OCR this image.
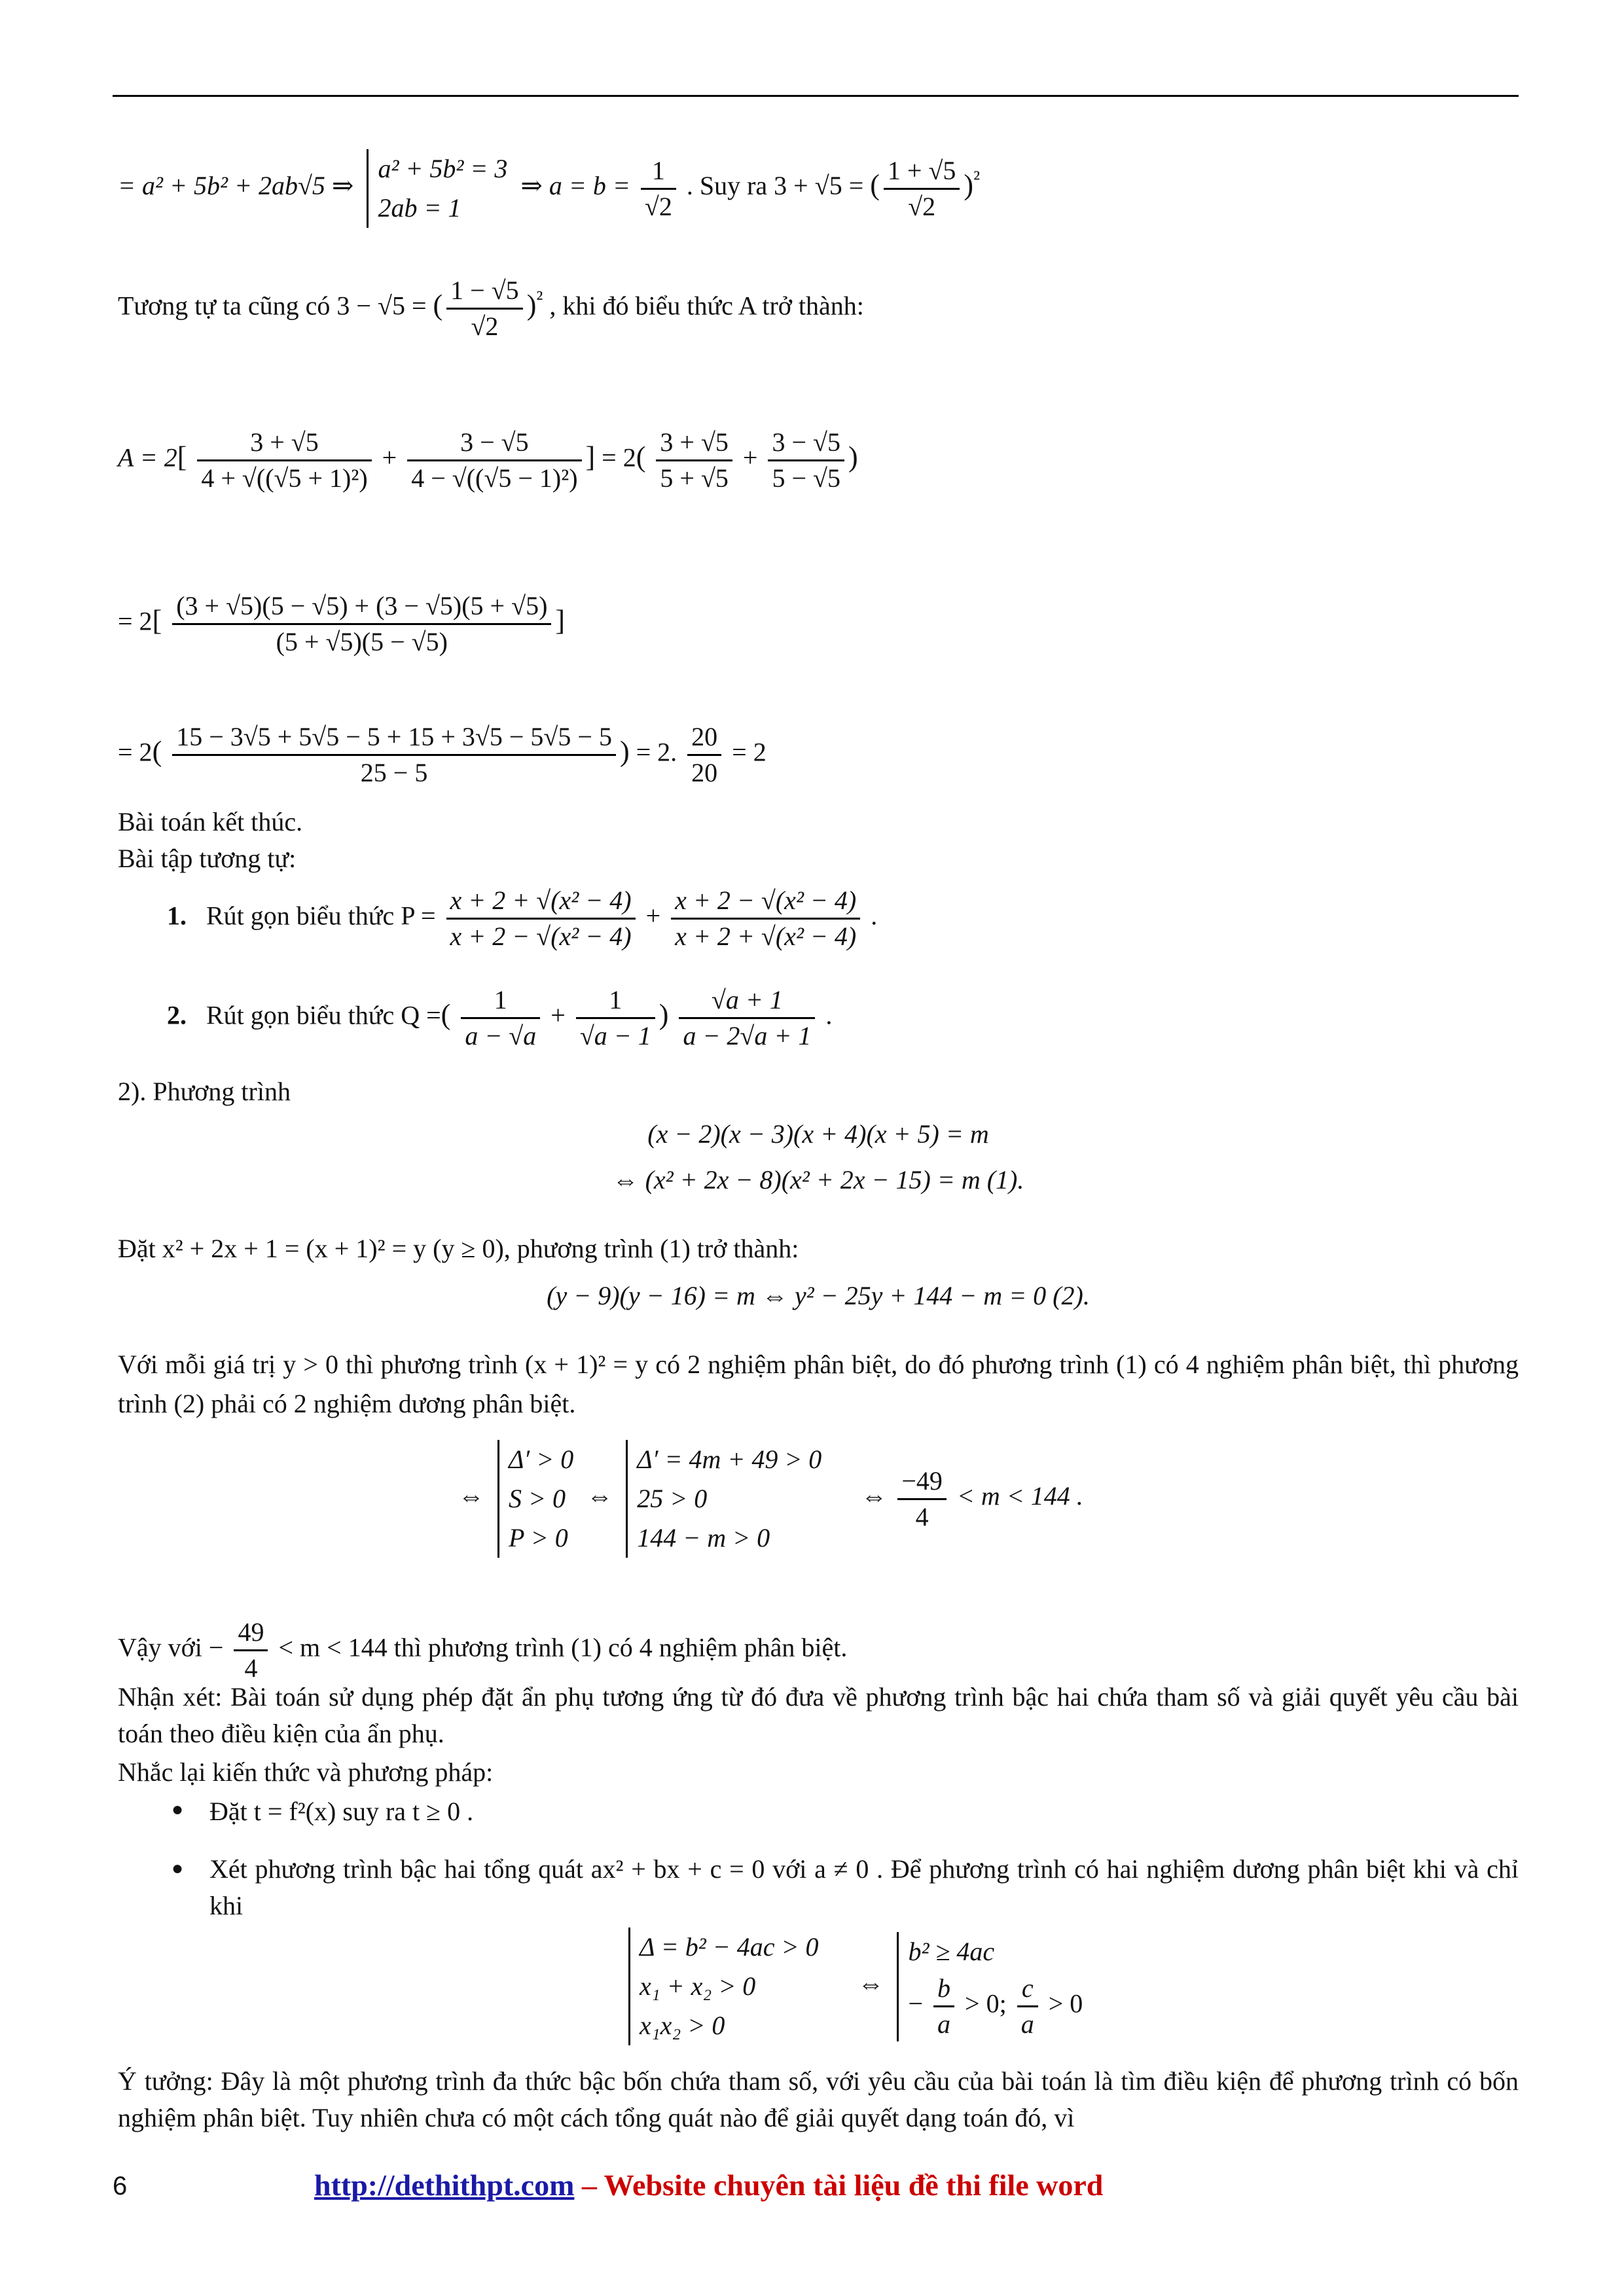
= a² + 5b² + 2ab√5 ⇒
a² + 5b² = 3
2ab = 1
⇒ $a = b = \frac{1}{√2}$ . Suy ra 3 + √5 = ( $\frac{1 + √5}{√2} )^{^2}$
Tương tự ta cũng có 3 − √5 = ( $\frac{1 - √5}{√2} )^{^2}$ , khi đó biểu thức A trở thành:
$A = 2[ \frac{3 + √5}{\text{4 + √((√5 + 1)²)}} + \frac{3 - √5}{\text{4 − √((√5 − 1)²)}}$ ] = $2( \frac{3 + √5}{5 + √5} + \frac{3 - √5}{5 - √5}$ )
= $2[ \frac{(3 + √5)(5 - √5) + (3 - √5)(5 + √5)}{(5 + √5)(5 - √5)}$ ]
= $2( \frac{15 - 3√5 + 5√5 - 5 + 15 + 3√5 - 5√5 - 5}{25 - 5}$ ) = 2. $\frac{20}{20} = 2$
Bài toán kết thúc.
Bài tập tương tự:
1. Rút gọn biểu thức $P = \frac{\text{x + 2 + √(x² − 4)}}{\text{x + 2 − √(x² − 4)}} + \frac{\text{x + 2 − √(x² − 4)}}{\text{x + 2 + √(x² − 4)}}$ .
2. Rút gọn biểu thức Q =( $\frac{1}{a - √a} + \frac{1}{√a - 1}$ ) $\frac{√a + 1}{a - 2√a + 1}$ .
2). Phương trình
(x − 2)(x − 3)(x + 4)(x + 5) = m
⇔ (x² + 2x − 8)(x² + 2x − 15) = m (1).
Đặt x² + 2x + 1 = (x + 1)² = y (y ≥ 0), phương trình (1) trở thành:
(y − 9)(y − 16) = m ⇔ y² − 25y + 144 − m = 0 (2).
Với mỗi giá trị y > 0 thì phương trình (x + 1)² = y có 2 nghiệm phân biệt, do đó phương trình (1) có 4 nghiệm phân biệt, thì phương trình (2) phải có 2 nghiệm dương phân biệt.
⇔
Δ′ > 0
S > 0
P > 0
⇔
Δ′ = 4m + 49 > 0
25 > 0
144 − m > 0
⇔ $\frac{-49}{4} < m < 144$ .
Vậy với − $\frac{49}{4} < m < 144$ thì phương trình (1) có 4 nghiệm phân biệt.
Nhận xét: Bài toán sử dụng phép đặt ẩn phụ tương ứng từ đó đưa về phương trình bậc hai chứa tham số và giải quyết yêu cầu bài toán theo điều kiện của ẩn phụ.
Nhắc lại kiến thức và phương pháp:
● Đặt t = f²(x) suy ra t ≥ 0 .
● Xét phương trình bậc hai tổng quát ax² + bx + c = 0 với a ≠ 0 . Để phương trình có hai nghiệm dương phân biệt khi và chỉ khi
Δ = b² − 4ac > 0
x₁ + x₂ > 0
x₁x₂ > 0
⇔
b² ≥ 4ac
− $\frac{b}{a} > 0$; $\frac{c}{a} > 0$
Ý tưởng: Đây là một phương trình đa thức bậc bốn chứa tham số, với yêu cầu của bài toán là tìm điều kiện để phương trình có bốn nghiệm phân biệt. Tuy nhiên chưa có một cách tổng quát nào để giải quyết dạng toán đó, vì
6	http://dethithpt.com – Website chuyên tài liệu đề thi file word
